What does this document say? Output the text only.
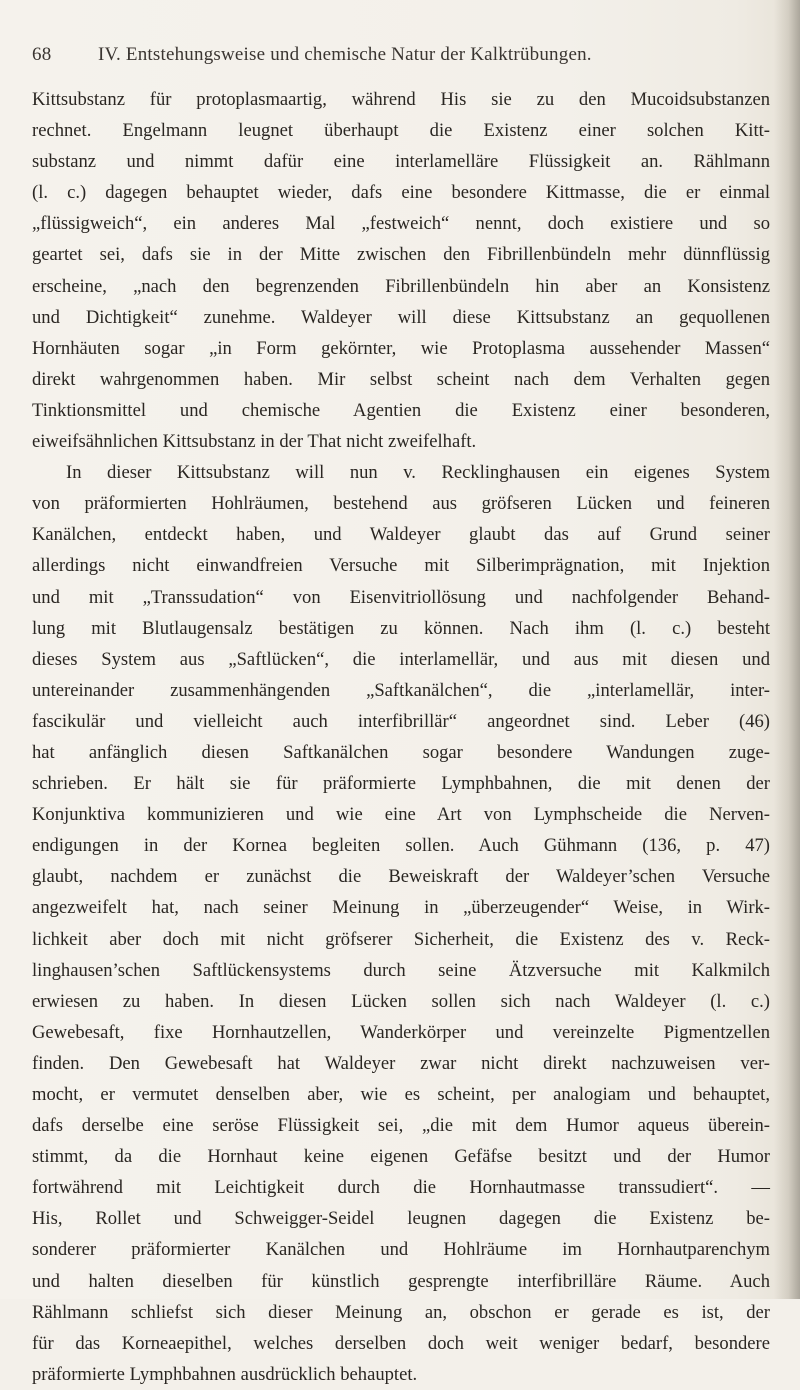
68 IV. Entstehungsweise und chemische Natur der Kalktrübungen.
Kittsubstanz für protoplasmaartig, während His sie zu den Mucoidsubstanzen
rechnet. Engelmann leugnet überhaupt die Existenz einer solchen Kitt-
substanz und nimmt dafür eine interlamelläre Flüssigkeit an. Rählmann
(l. c.) dagegen behauptet wieder, dafs eine besondere Kittmasse, die er einmal
„flüssigweich“, ein anderes Mal „festweich“ nennt, doch existiere und so
geartet sei, dafs sie in der Mitte zwischen den Fibrillenbündeln mehr dünnflüssig
erscheine, „nach den begrenzenden Fibrillenbündeln hin aber an Konsistenz
und Dichtigkeit“ zunehme. Waldeyer will diese Kittsubstanz an gequollenen
Hornhäuten sogar „in Form gekörnter, wie Protoplasma aussehender Massen“
direkt wahrgenommen haben. Mir selbst scheint nach dem Verhalten gegen
Tinktionsmittel und chemische Agentien die Existenz einer besonderen,
eiweifsähnlichen Kittsubstanz in der That nicht zweifelhaft.
In dieser Kittsubstanz will nun v. Recklinghausen ein eigenes System
von präformierten Hohlräumen, bestehend aus gröfseren Lücken und feineren
Kanälchen, entdeckt haben, und Waldeyer glaubt das auf Grund seiner
allerdings nicht einwandfreien Versuche mit Silberimprägnation, mit Injektion
und mit „Transsudation“ von Eisenvitriollösung und nachfolgender Behand-
lung mit Blutlaugensalz bestätigen zu können. Nach ihm (l. c.) besteht
dieses System aus „Saftlücken“, die interlamellär, und aus mit diesen und
untereinander zusammenhängenden „Saftkanälchen“, die „interlamellär, inter-
fascikulär und vielleicht auch interfibrillär“ angeordnet sind. Leber (46)
hat anfänglich diesen Saftkanälchen sogar besondere Wandungen zuge-
schrieben. Er hält sie für präformierte Lymphbahnen, die mit denen der
Konjunktiva kommunizieren und wie eine Art von Lymphscheide die Nerven-
endigungen in der Kornea begleiten sollen. Auch Gühmann (136, p. 47)
glaubt, nachdem er zunächst die Beweiskraft der Waldeyer’schen Versuche
angezweifelt hat, nach seiner Meinung in „überzeugender“ Weise, in Wirk-
lichkeit aber doch mit nicht gröfserer Sicherheit, die Existenz des v. Reck-
linghausen’schen Saftlückensystems durch seine Ätzversuche mit Kalkmilch
erwiesen zu haben. In diesen Lücken sollen sich nach Waldeyer (l. c.)
Gewebesaft, fixe Hornhautzellen, Wanderkörper und vereinzelte Pigmentzellen
finden. Den Gewebesaft hat Waldeyer zwar nicht direkt nachzuweisen ver-
mocht, er vermutet denselben aber, wie es scheint, per analogiam und behauptet,
dafs derselbe eine seröse Flüssigkeit sei, „die mit dem Humor aqueus überein-
stimmt, da die Hornhaut keine eigenen Gefäfse besitzt und der Humor
fortwährend mit Leichtigkeit durch die Hornhautmasse transsudiert“. —
His, Rollet und Schweigger-Seidel leugnen dagegen die Existenz be-
sonderer präformierter Kanälchen und Hohlräume im Hornhautparenchym
und halten dieselben für künstlich gesprengte interfibrilläre Räume. Auch
Rählmann schliefst sich dieser Meinung an, obschon er gerade es ist, der
für das Korneaepithel, welches derselben doch weit weniger bedarf, besondere
präformierte Lymphbahnen ausdrücklich behauptet.
